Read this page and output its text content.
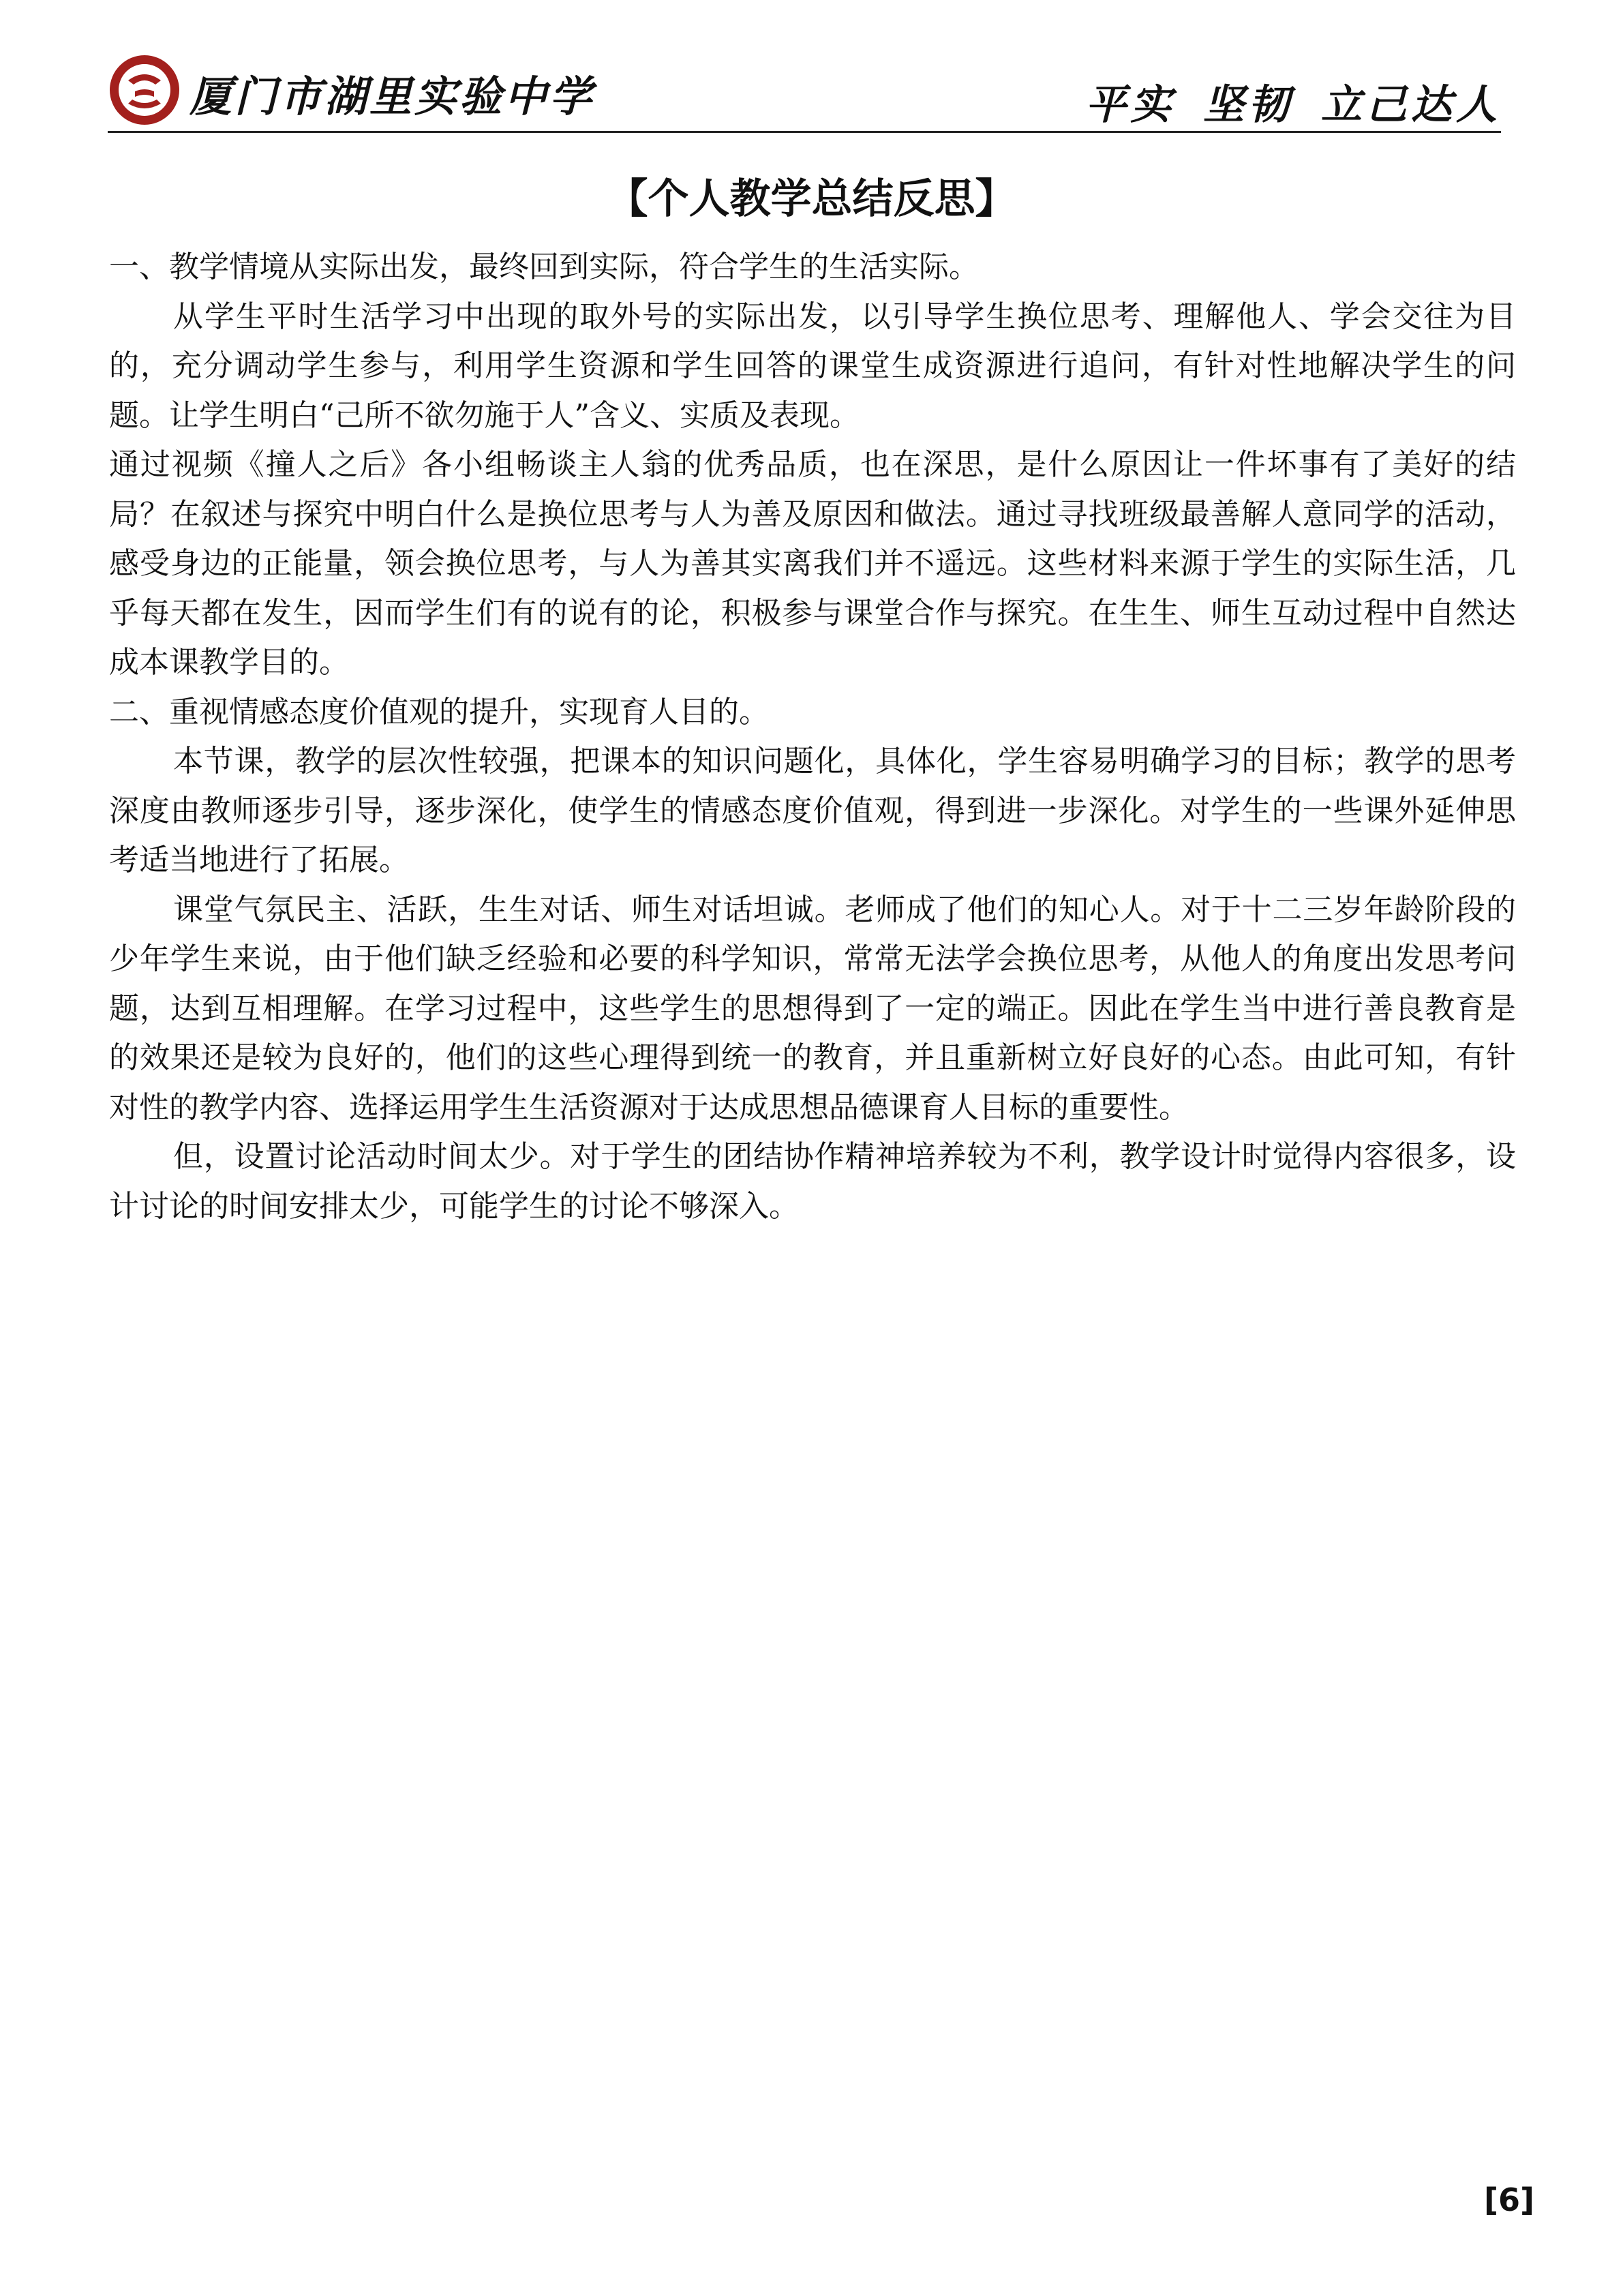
厦门市湖里实验中学	平实 坚韧 立己达人
【个人教学总结反思】

一、教学情境从实际出发，最终回到实际，符合学生的生活实际。

从学生平时生活学习中出现的取外号的实际出发，以引导学生换位思考、理解他人、学会交往为目的，充分调动学生参与，利用学生资源和学生回答的课堂生成资源进行追问，有针对性地解决学生的问题。让学生明白“己所不欲勿施于人”含义、实质及表现。

通过视频《撞人之后》各小组畅谈主人翁的优秀品质，也在深思，是什么原因让一件坏事有了美好的结局？在叙述与探究中明白什么是换位思考与人为善及原因和做法。通过寻找班级最善解人意同学的活动，感受身边的正能量，领会换位思考，与人为善其实离我们并不遥远。这些材料来源于学生的实际生活，几乎每天都在发生，因而学生们有的说有的论，积极参与课堂合作与探究。在生生、师生互动过程中自然达成本课教学目的。

二、重视情感态度价值观的提升，实现育人目的。

本节课，教学的层次性较强，把课本的知识问题化，具体化，学生容易明确学习的目标；教学的思考深度由教师逐步引导，逐步深化，使学生的情感态度价值观，得到进一步深化。对学生的一些课外延伸思考适当地进行了拓展。

课堂气氛民主、活跃，生生对话、师生对话坦诚。老师成了他们的知心人。对于十二三岁年龄阶段的少年学生来说，由于他们缺乏经验和必要的科学知识，常常无法学会换位思考，从他人的角度出发思考问题，达到互相理解。在学习过程中，这些学生的思想得到了一定的端正。因此在学生当中进行善良教育是的效果还是较为良好的，他们的这些心理得到统一的教育，并且重新树立好良好的心态。由此可知，有针对性的教学内容、选择运用学生生活资源对于达成思想品德课育人目标的重要性。

但，设置讨论活动时间太少。对于学生的团结协作精神培养较为不利，教学设计时觉得内容很多，设计讨论的时间安排太少，可能学生的讨论不够深入。

[6]
